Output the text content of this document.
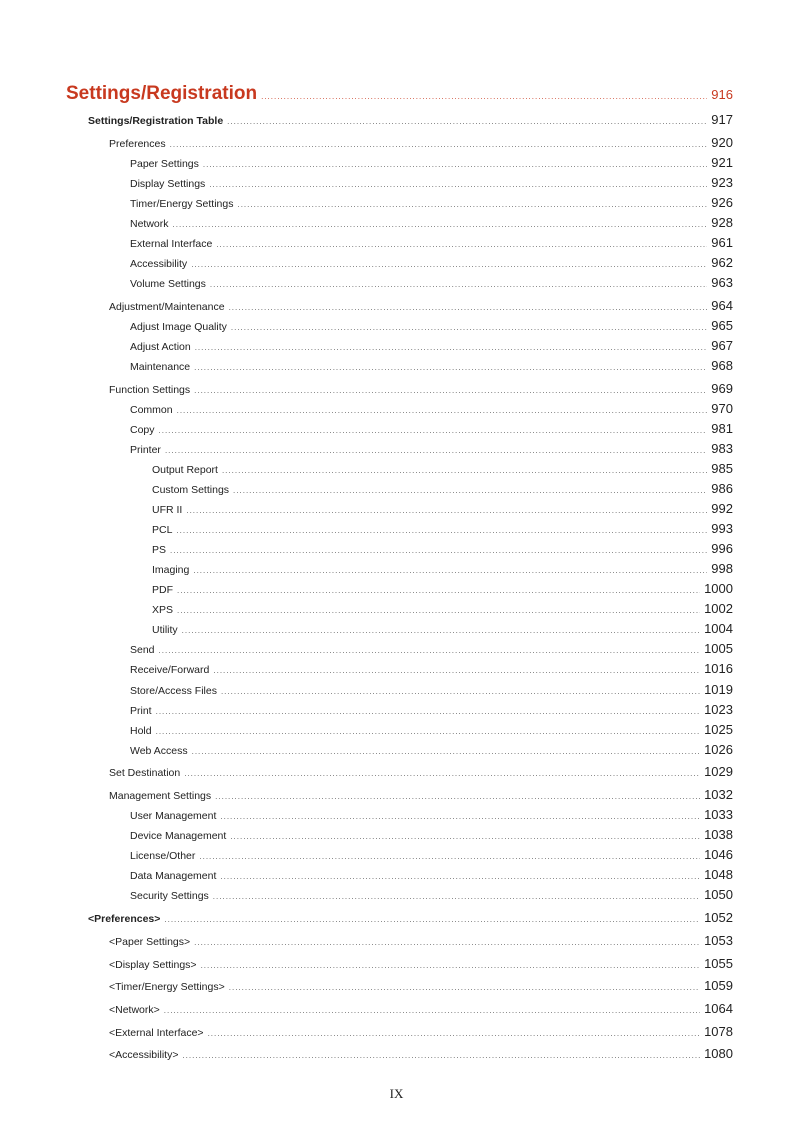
Settings/Registration .....	916
Settings/Registration Table .....	917
Preferences .....	920
Paper Settings .....	921
Display Settings .....	923
Timer/Energy Settings .....	926
Network .....	928
External Interface .....	961
Accessibility .....	962
Volume Settings .....	963
Adjustment/Maintenance .....	964
Adjust Image Quality .....	965
Adjust Action .....	967
Maintenance .....	968
Function Settings .....	969
Common .....	970
Copy .....	981
Printer .....	983
Output Report .....	985
Custom Settings .....	986
UFR II .....	992
PCL .....	993
PS .....	996
Imaging .....	998
PDF .....	1000
XPS .....	1002
Utility .....	1004
Send .....	1005
Receive/Forward .....	1016
Store/Access Files .....	1019
Print .....	1023
Hold .....	1025
Web Access .....	1026
Set Destination .....	1029
Management Settings .....	1032
User Management .....	1033
Device Management .....	1038
License/Other .....	1046
Data Management .....	1048
Security Settings .....	1050
<Preferences> .....	1052
<Paper Settings> .....	1053
<Display Settings> .....	1055
<Timer/Energy Settings> .....	1059
<Network> .....	1064
<External Interface> .....	1078
<Accessibility> .....	1080
IX
